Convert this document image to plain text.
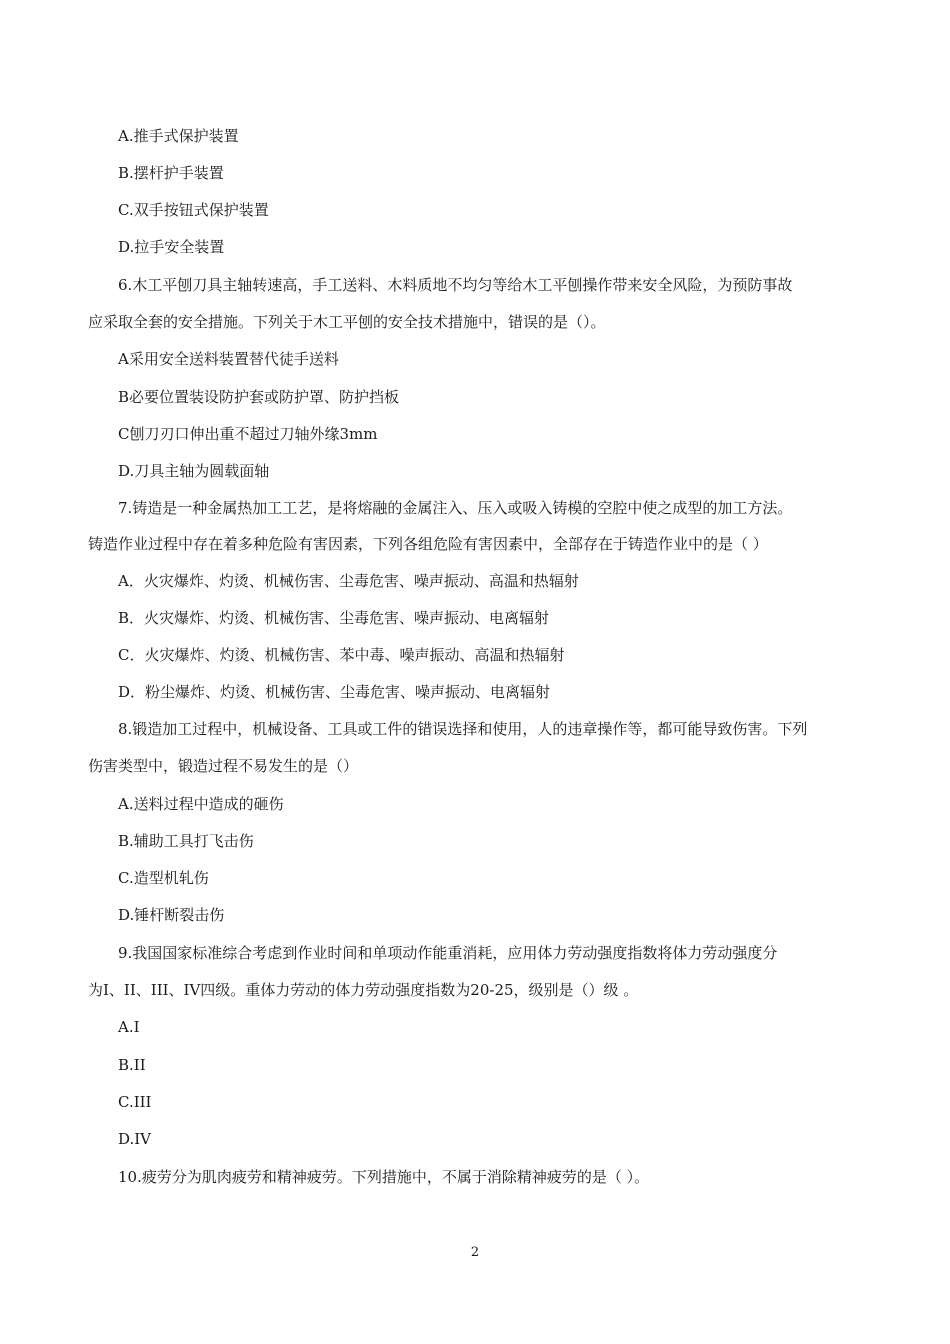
A.推手式保护装置
B.摆杆护手装置
C.双手按钮式保护装置
D.拉手安全装置
6.木工平刨刀具主轴转速高，手工送料、木料质地不均匀等给木工平刨操作带来安全风险，为预防事故
应采取全套的安全措施。下列关于木工平刨的安全技术措施中，错误的是（）。
A采用安全送料装置替代徒手送料
B必要位置装设防护套或防护罩、防护挡板
C刨刀刃口伸出重不超过刀轴外缘3mm
D.刀具主轴为圆载面轴
7.铸造是一种金属热加工工艺，是将熔融的金属注入、压入或吸入铸模的空腔中使之成型的加工方法。
铸造作业过程中存在着多种危险有害因素，下列各组危险有害因素中，全部存在于铸造作业中的是（ ）
A．火灾爆炸、灼烫、机械伤害、尘毒危害、噪声振动、高温和热辐射
B．火灾爆炸、灼烫、机械伤害、尘毒危害、噪声振动、电离辐射
C．火灾爆炸、灼烫、机械伤害、苯中毒、噪声振动、高温和热辐射
D．粉尘爆炸、灼烫、机械伤害、尘毒危害、噪声振动、电离辐射
8.锻造加工过程中，机械设备、工具或工件的错误选择和使用，人的违章操作等，都可能导致伤害。下列
伤害类型中，锻造过程不易发生的是（）
A.送料过程中造成的砸伤
B.辅助工具打飞击伤
C.造型机轧伤
D.锤杆断裂击伤
9.我国国家标准综合考虑到作业时间和单项动作能重消耗，应用体力劳动强度指数将体力劳动强度分
为I、II、III、IV四级。重体力劳动的体力劳动强度指数为20-25，级别是（）级 。
A.I
B.II
C.III
D.IV
10.疲劳分为肌肉疲劳和精神疲劳。下列措施中，不属于消除精神疲劳的是（ ）。
2
